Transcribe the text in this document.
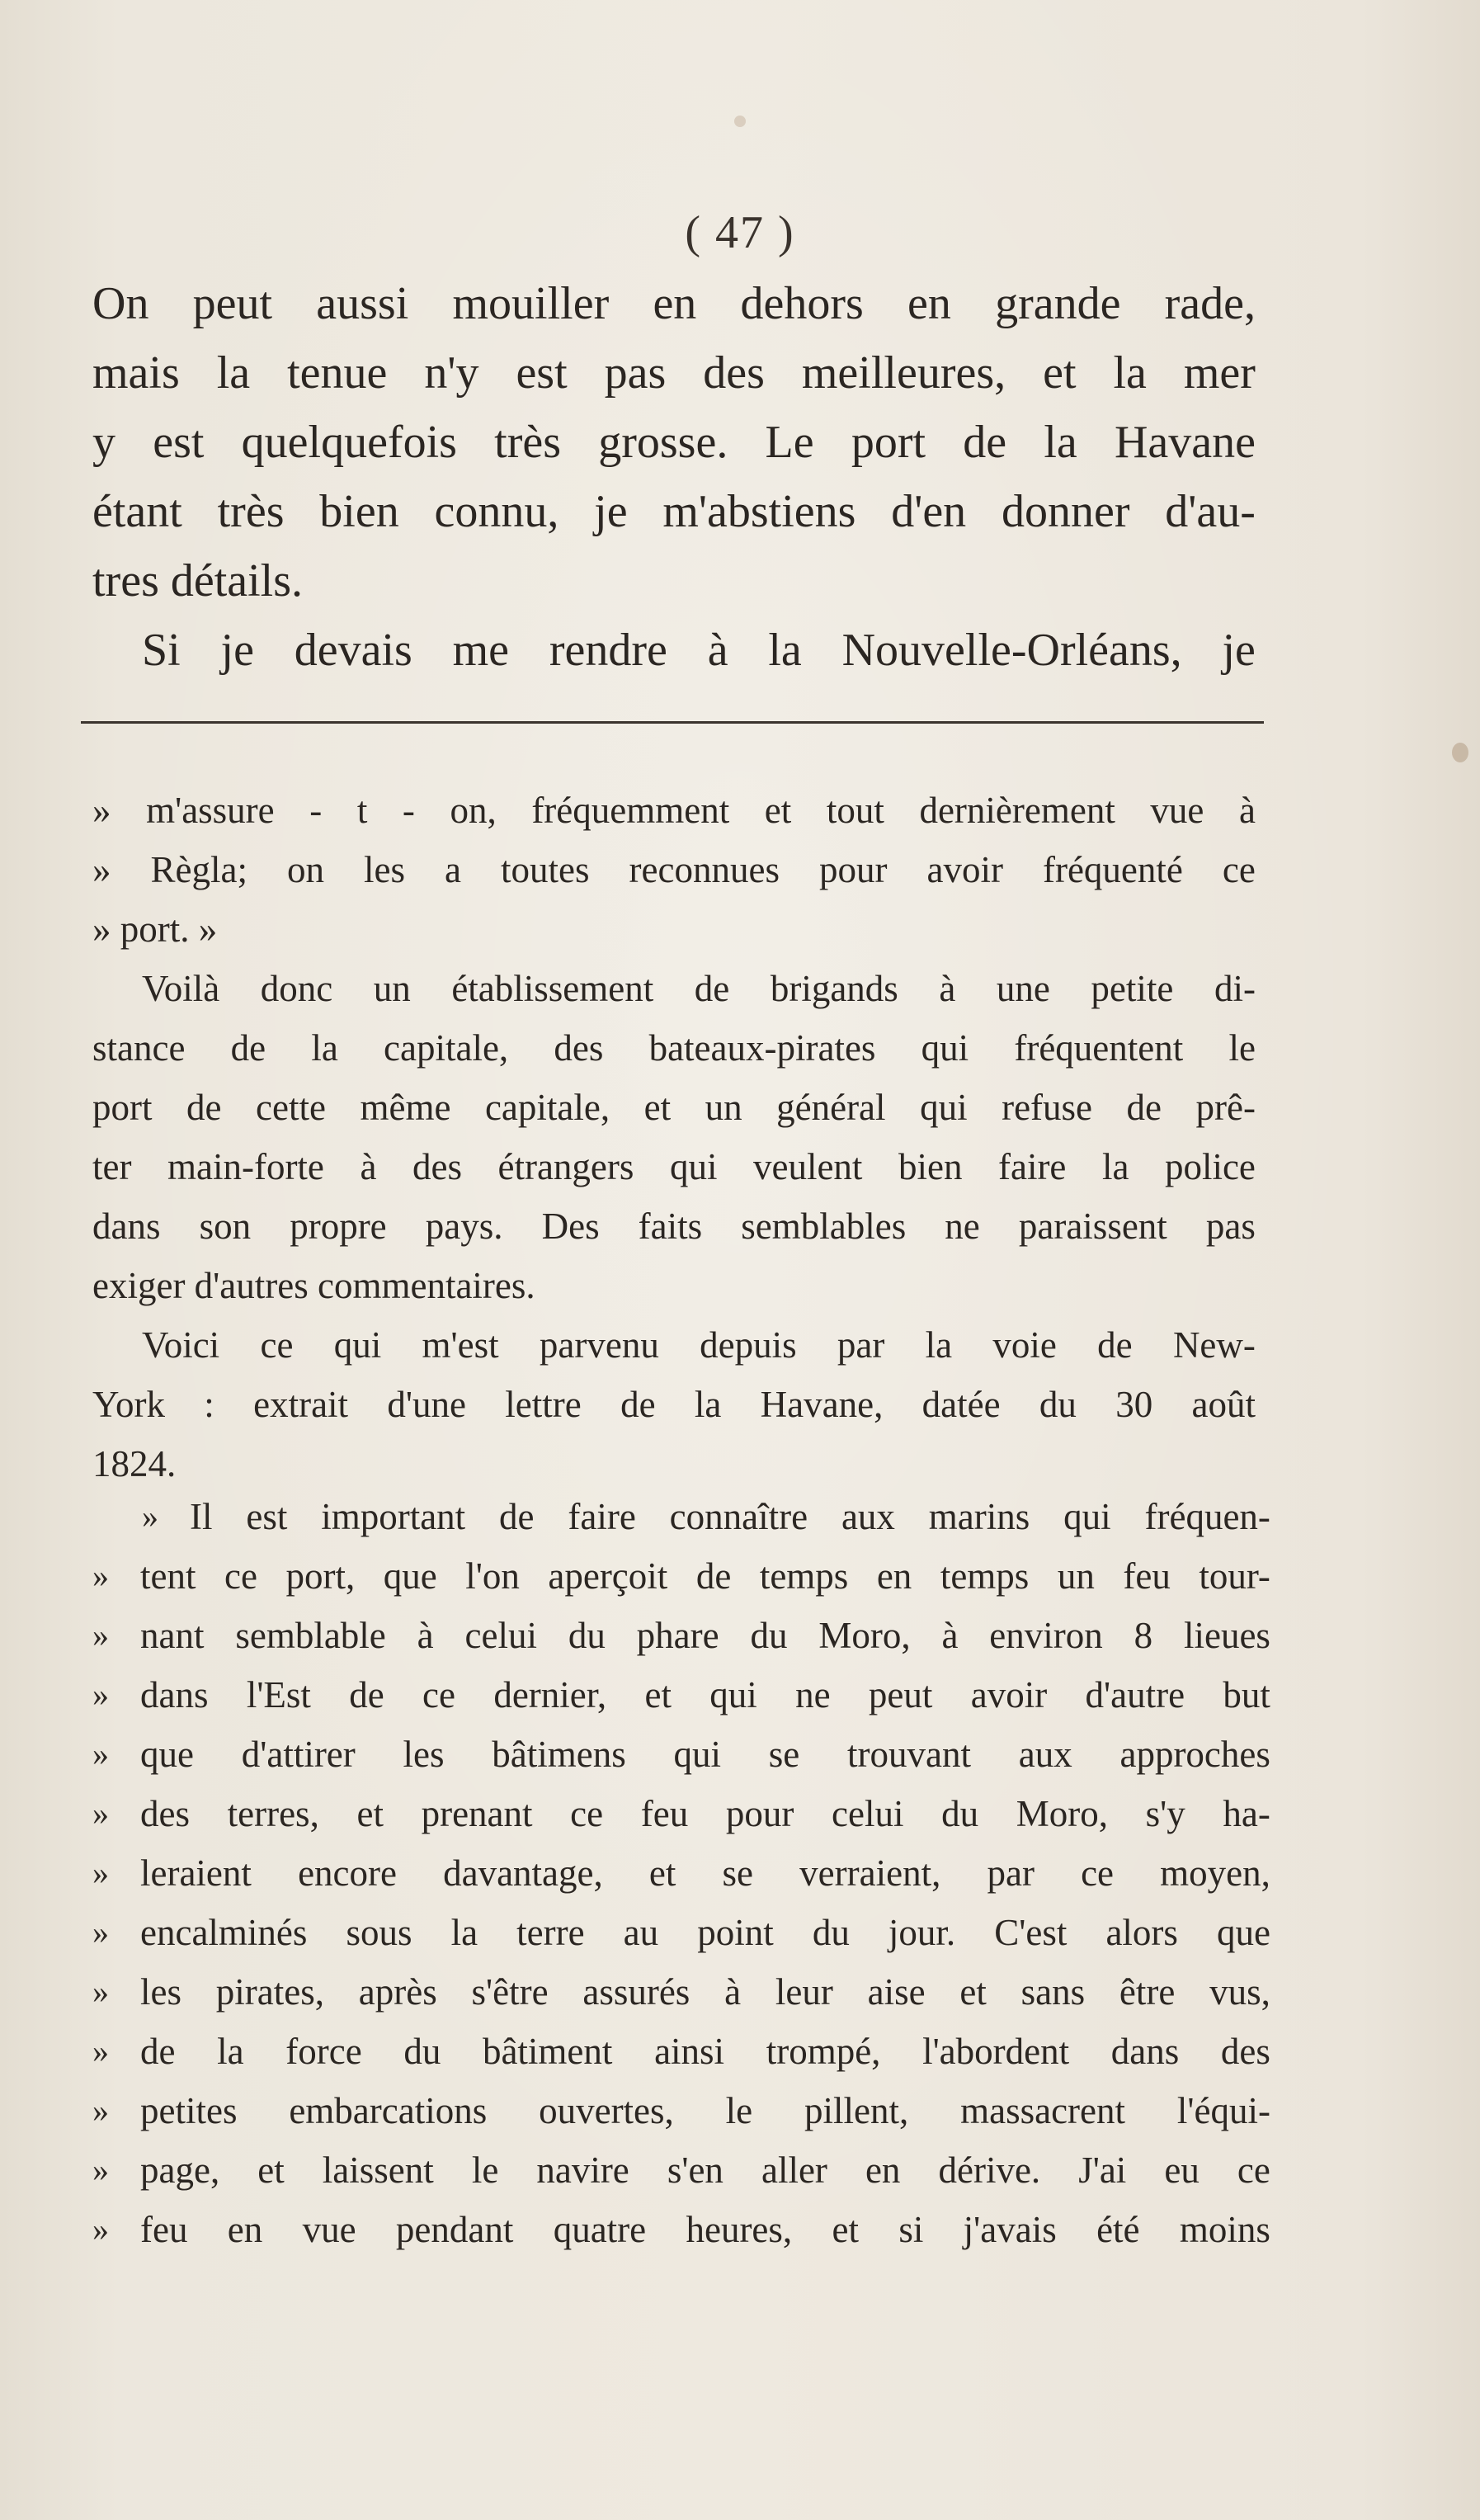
( 47 )
On peut aussi mouiller en dehors en grande rade,
mais la tenue n'y est pas des meilleures, et la mer
y est quelquefois très grosse. Le port de la Havane
étant très bien connu, je m'abstiens d'en donner d'au-
tres détails.
Si je devais me rendre à la Nouvelle-Orléans, je
» m'assure - t - on, fréquemment et tout dernièrement vue à
» Règla; on les a toutes reconnues pour avoir fréquenté ce
» port. »
Voilà donc un établissement de brigands à une petite di-
stance de la capitale, des bateaux-pirates qui fréquentent le
port de cette même capitale, et un général qui refuse de prê-
ter main-forte à des étrangers qui veulent bien faire la police
dans son propre pays. Des faits semblables ne paraissent pas
exiger d'autres commentaires.
Voici ce qui m'est parvenu depuis par la voie de New-
York : extrait d'une lettre de la Havane, datée du 30 août
1824.
» Il est important de faire connaître aux marins qui fréquen-
» tent ce port, que l'on aperçoit de temps en temps un feu tour-
» nant semblable à celui du phare du Moro, à environ 8 lieues
» dans l'Est de ce dernier, et qui ne peut avoir d'autre but
» que d'attirer les bâtimens qui se trouvant aux approches
» des terres, et prenant ce feu pour celui du Moro, s'y ha-
» leraient encore davantage, et se verraient, par ce moyen,
» encalminés sous la terre au point du jour. C'est alors que
» les pirates, après s'être assurés à leur aise et sans être vus,
» de la force du bâtiment ainsi trompé, l'abordent dans des
» petites embarcations ouvertes, le pillent, massacrent l'équi-
» page, et laissent le navire s'en aller en dérive. J'ai eu ce
» feu en vue pendant quatre heures, et si j'avais été moins
